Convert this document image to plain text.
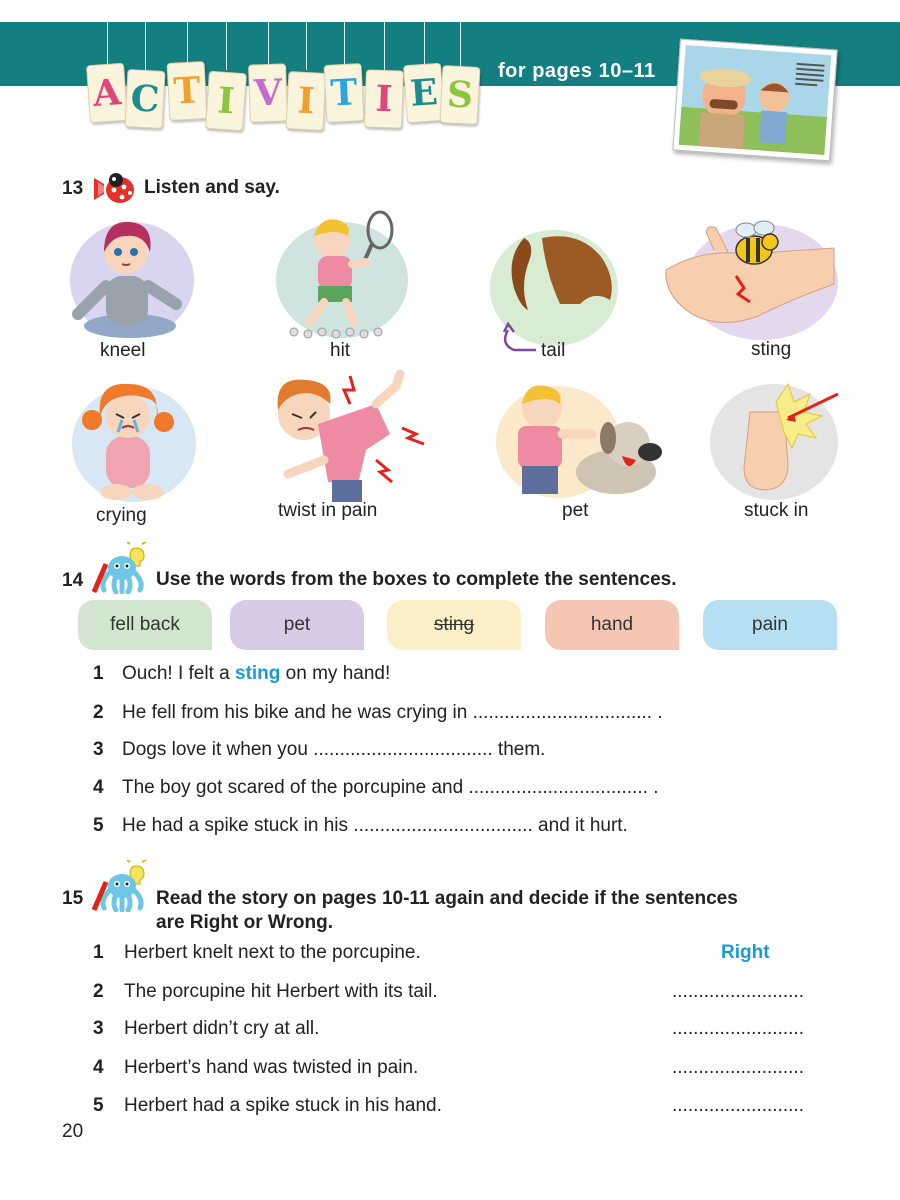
A C T I V I T I E S
for pages 10–11
13	Listen and say.
kneel	hit	tail	sting
crying	twist in pain	pet	stuck in
14	Use the words from the boxes to complete the sentences.
fell back	pet	sting	hand	pain
1 Ouch! I felt a sting on my hand!
2 He fell from his bike and he was crying in .................................. .
3 Dogs love it when you .................................. them.
4 The boy got scared of the porcupine and .................................. .
5 He had a spike stuck in his .................................. and it hurt.
15	Read the story on pages 10-11 again and decide if the sentences
are Right or Wrong.
1 Herbert knelt next to the porcupine.	Right
2 The porcupine hit Herbert with its tail.	.........................
3 Herbert didn’t cry at all.	.........................
4 Herbert’s hand was twisted in pain.	.........................
5 Herbert had a spike stuck in his hand.	.........................
20
